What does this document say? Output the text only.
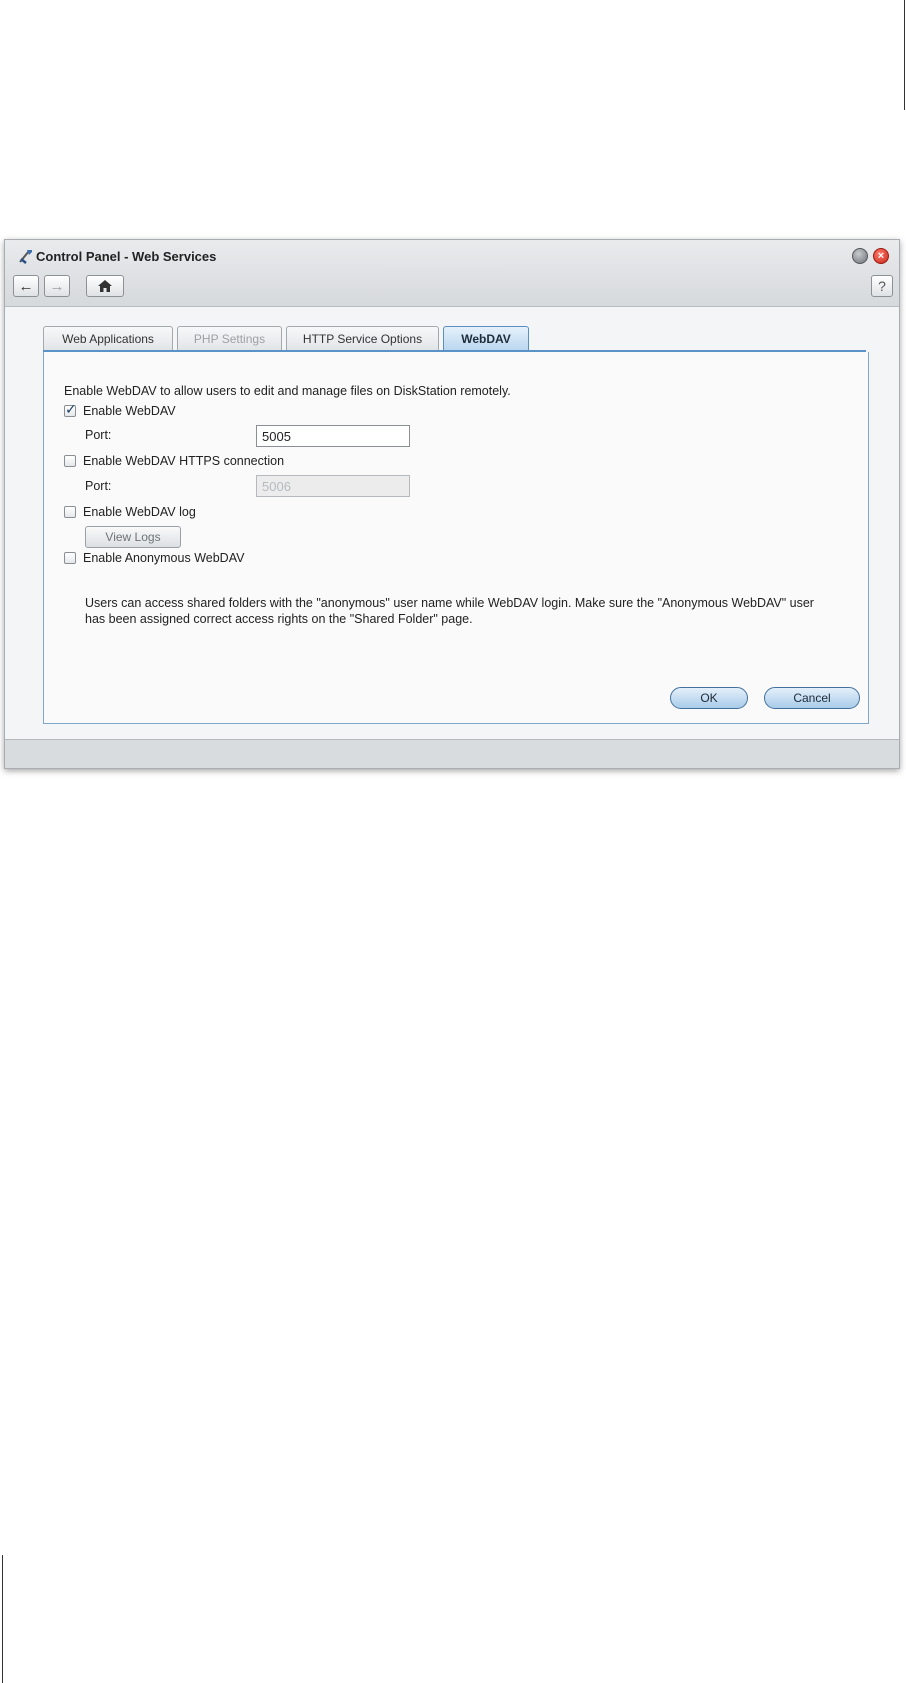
Control Panel - Web Services	×
← →	?
Web Applications	PHP Settings	HTTP Service Options	WebDAV
Enable WebDAV to allow users to edit and manage files on DiskStation remotely.
✓ Enable WebDAV
Port:
5005
Enable WebDAV HTTPS connection
Port:
5006
Enable WebDAV log
View Logs
Enable Anonymous WebDAV
Users can access shared folders with the "anonymous" user name while WebDAV login. Make sure the "Anonymous WebDAV" user has been assigned correct access rights on the "Shared Folder" page.
OK	Cancel
